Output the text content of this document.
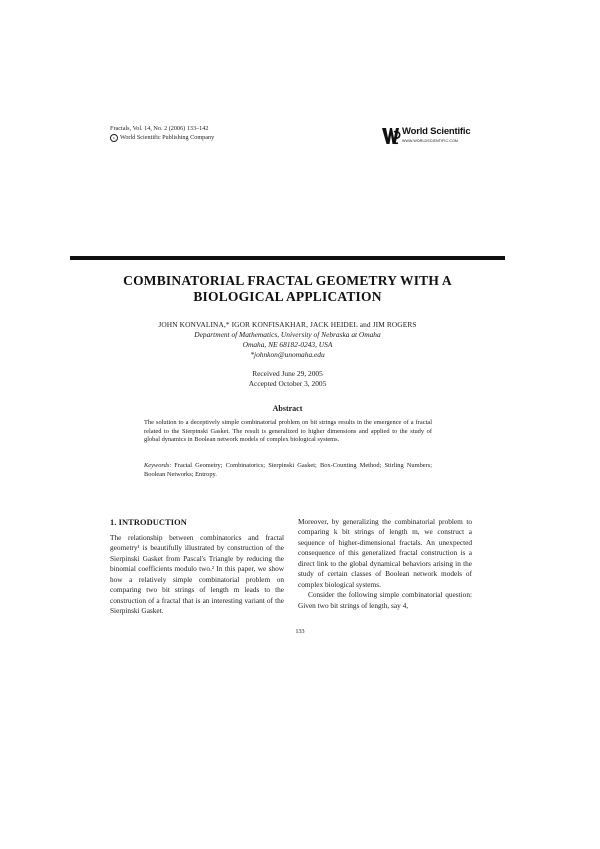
Fractals, Vol. 14, No. 2 (2006) 133–142
c World Scientific Publishing Company
World Scientific
WWW.WORLDSCIENTIFIC.COM
COMBINATORIAL FRACTAL GEOMETRY WITH A
BIOLOGICAL APPLICATION
JOHN KONVALINA,* IGOR KONFISAKHAR, JACK HEIDEL and JIM ROGERS
Department of Mathematics, University of Nebraska at Omaha
Omaha, NE 68182-0243, USA
*johnkon@unomaha.edu
Received June 29, 2005
Accepted October 3, 2005
Abstract
The solution to a deceptively simple combinatorial problem on bit strings results in the emergence of a fractal related to the Sierpinski Gasket. The result is generalized to higher dimensions and applied to the study of global dynamics in Boolean network models of complex biological systems.
Keywords: Fractal Geometry; Combinatorics; Sierpinski Gasket; Box-Counting Method; Stirling Numbers; Boolean Networks; Entropy.
1. INTRODUCTION
The relationship between combinatorics and fractal geometry¹ is beautifully illustrated by construction of the Sierpinski Gasket from Pascal's Triangle by reducing the binomial coefficients modulo two.² In this paper, we show how a relatively simple combinatorial problem on comparing two bit strings of length m leads to the construction of a fractal that is an interesting variant of the Sierpinski Gasket.

Moreover, by generalizing the combinatorial problem to comparing k bit strings of length m, we construct a sequence of higher-dimensional fractals. An unexpected consequence of this generalized fractal construction is a direct link to the global dynamical behaviors arising in the study of certain classes of Boolean network models of complex biological systems.

Consider the following simple combinatorial question: Given two bit strings of length, say 4,

133
